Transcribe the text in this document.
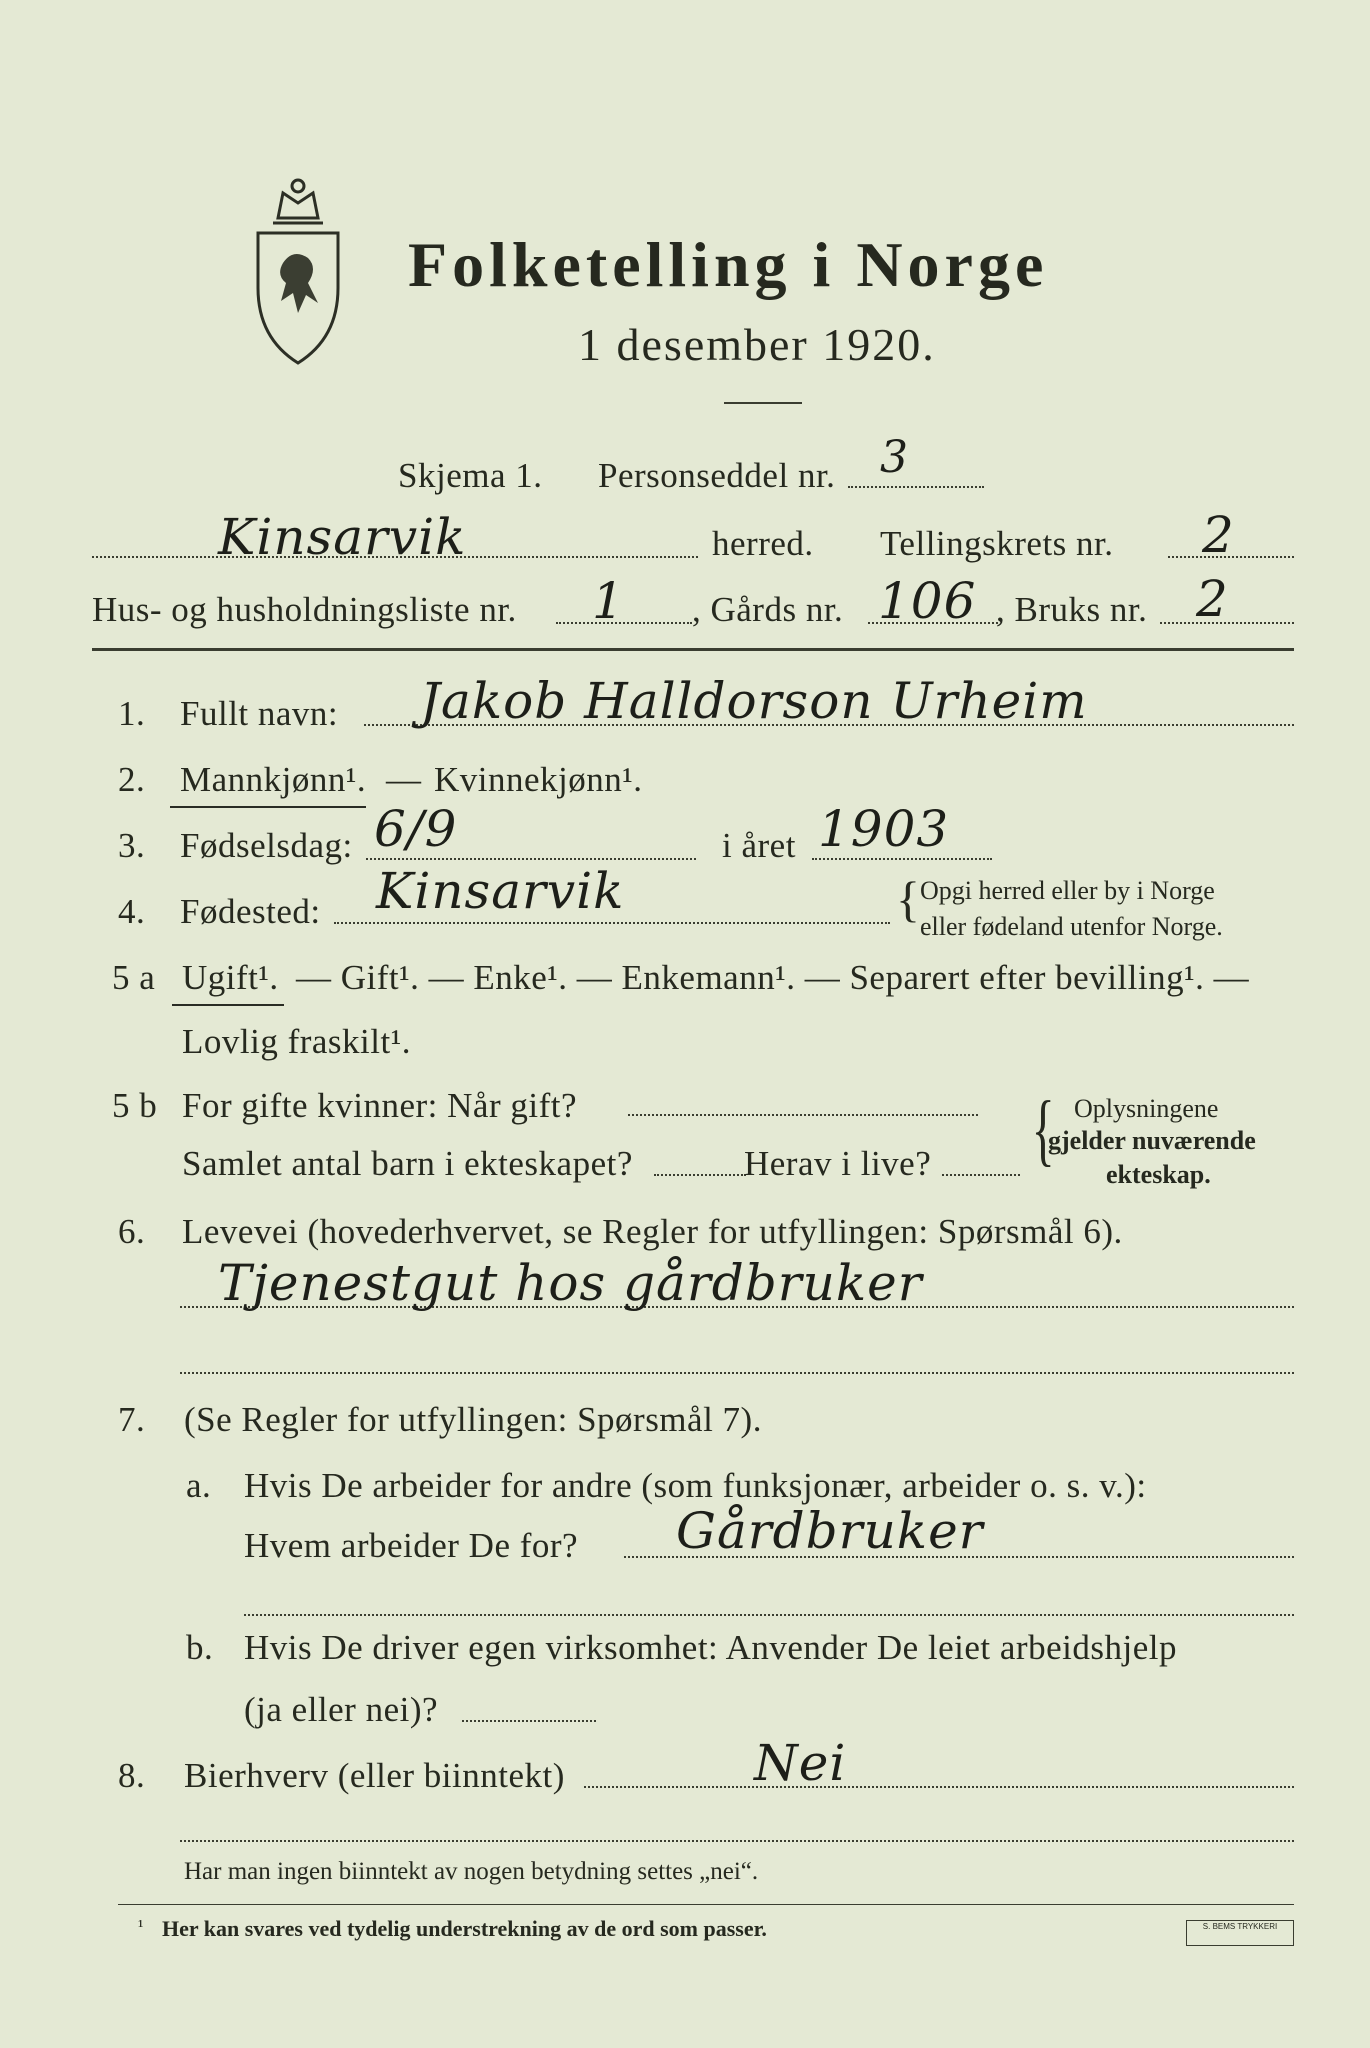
Folketelling i Norge
1 desember 1920.
Skjema 1. Personseddel nr. 3
Kinsarvik	herred. Tellingskrets nr. 2
Hus- og husholdningsliste nr. 1 , Gårds nr. 106 , Bruks nr. 2
1. Fullt navn: Jakob Halldorson Urheim
2. Mannkjønn¹. — Kvinnekjønn¹.
3. Fødselsdag: 6/9	i året 1903
4. Fødested: Kinsarvik	{ Opgi herred eller by i Norge
eller fødeland utenfor Norge.
5 a Ugift¹. — Gift¹. — Enke¹. — Enkemann¹. — Separert efter bevilling¹. —
Lovlig fraskilt¹.
5 b For gifte kvinner: Når gift?
Samlet antal barn i ekteskapet?	Herav i live? { Oplysningene
gjelder nuværende
ekteskap.
6. Levevei (hovederhvervet, se Regler for utfyllingen: Spørsmål 6).
Tjenestgut hos gårdbruker
7. (Se Regler for utfyllingen: Spørsmål 7).
a. Hvis De arbeider for andre (som funksjonær, arbeider o. s. v.):
Hvem arbeider De for? Gårdbruker
b. Hvis De driver egen virksomhet: Anvender De leiet arbeidshjelp
(ja eller nei)?
8. Bierhverv (eller biinntekt)	Nei
Har man ingen biinntekt av nogen betydning settes „nei“.
¹ Her kan svares ved tydelig understrekning av de ord som passer.	S. BEMS TRYKKERI
